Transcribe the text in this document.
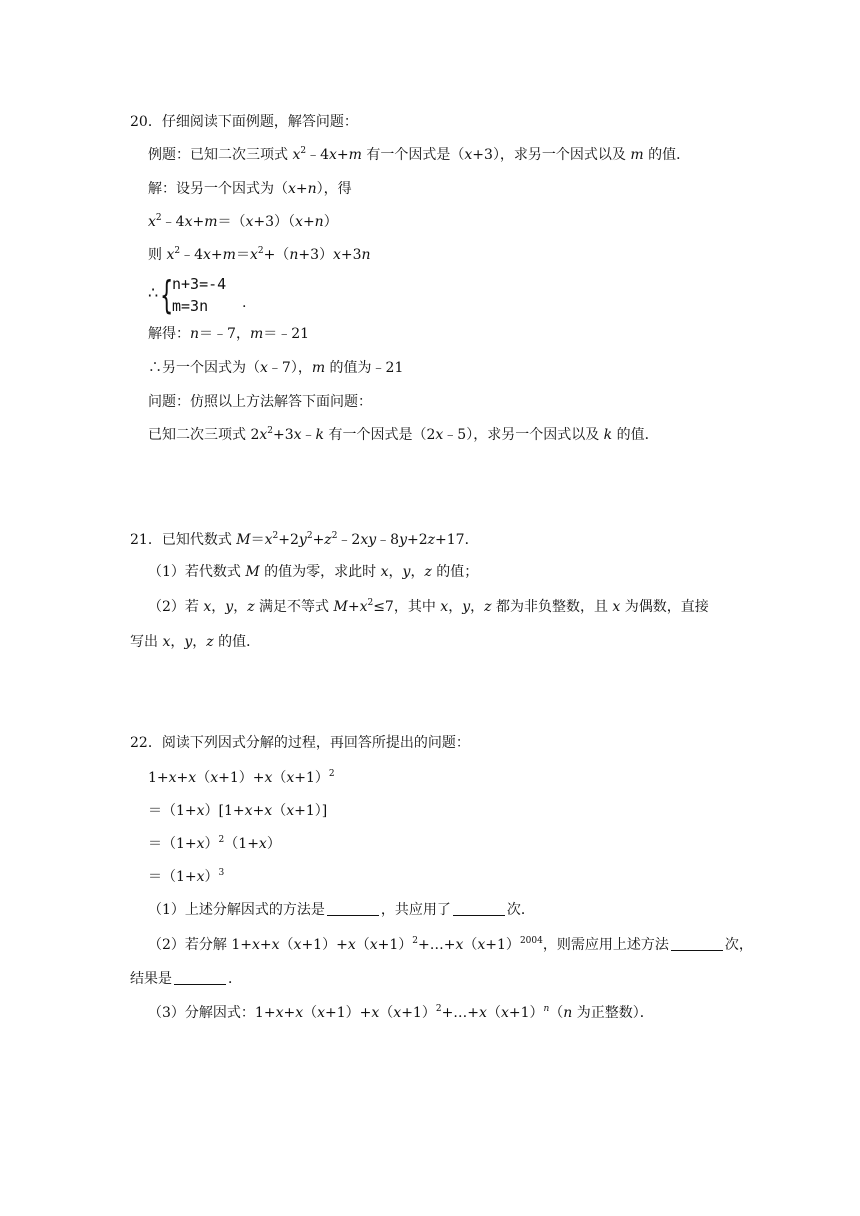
20．仔细阅读下面例题，解答问题：
例题：已知二次三项式 $x^2﹣4x+m$ 有一个因式是（x+3），求另一个因式以及 m 的值．
解：设另一个因式为（x+n），得
$x^2﹣4x+m=(x+3)(x+n)$
则 $x^2﹣4x+m=x^2+(n+3)x+3n$
∴ {
n+3=-4
m=3n .
解得：n＝﹣7，m＝﹣21
∴另一个因式为（x﹣7），m 的值为﹣21
问题：仿照以上方法解答下面问题：
已知二次三项式 $2x^2+3x﹣k$ 有一个因式是（2x﹣5），求另一个因式以及 k 的值．
21．已知代数式 $M=x^2+2y^2+z^2﹣2xy﹣8y+2z+17$．
（1）若代数式 M 的值为零，求此时 x，y，z 的值；
（2）若 x，y，z 满足不等式 $M+x^2\le 7$，其中 x，y，z 都为非负整数，且 x 为偶数，直接
写出 x，y，z 的值．
22．阅读下列因式分解的过程，再回答所提出的问题：
$1+x+x(x+1)+x(x+1)^2$
＝（1+x）[1+x+x（x+1）]
$=(1+x)^2(1+x)$
$=(1+x)^3$
（1）上述分解因式的方法是	，共应用了	次．
（2）若分解 $1+x+x(x+1)+x(x+1)^2+\dots+x(x+1)^{2004}$，则需应用上述方法	次，
结果是	．
（3）分解因式：$1+x+x(x+1)+x(x+1)^2+\dots+x(x+1)^n(n$ 为正整数）．
